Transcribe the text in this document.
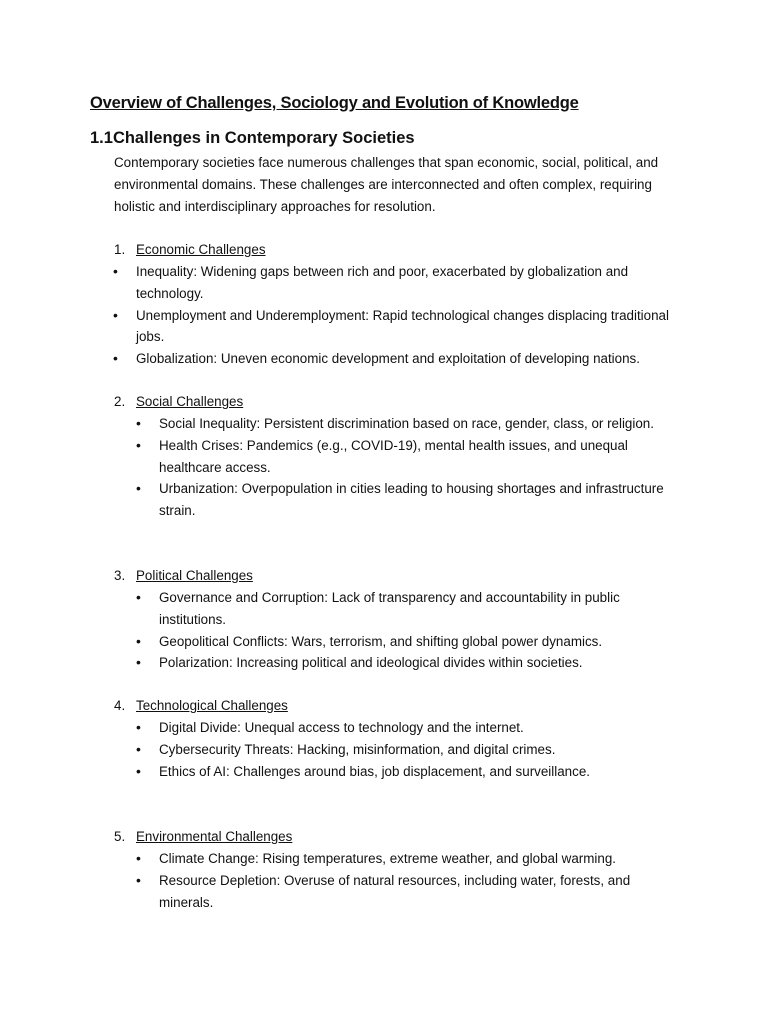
Overview of Challenges, Sociology and Evolution of Knowledge
1.1Challenges in Contemporary Societies
Contemporary societies face numerous challenges that span economic, social, political, and environmental domains. These challenges are interconnected and often complex, requiring holistic and interdisciplinary approaches for resolution.
1. Economic Challenges
• Inequality: Widening gaps between rich and poor, exacerbated by globalization and technology.
• Unemployment and Underemployment: Rapid technological changes displacing traditional jobs.
• Globalization: Uneven economic development and exploitation of developing nations.
2. Social Challenges
• Social Inequality: Persistent discrimination based on race, gender, class, or religion.
• Health Crises: Pandemics (e.g., COVID-19), mental health issues, and unequal healthcare access.
• Urbanization: Overpopulation in cities leading to housing shortages and infrastructure strain.
3. Political Challenges
• Governance and Corruption: Lack of transparency and accountability in public institutions.
• Geopolitical Conflicts: Wars, terrorism, and shifting global power dynamics.
• Polarization: Increasing political and ideological divides within societies.
4. Technological Challenges
• Digital Divide: Unequal access to technology and the internet.
• Cybersecurity Threats: Hacking, misinformation, and digital crimes.
• Ethics of AI: Challenges around bias, job displacement, and surveillance.
5. Environmental Challenges
• Climate Change: Rising temperatures, extreme weather, and global warming.
• Resource Depletion: Overuse of natural resources, including water, forests, and minerals.
